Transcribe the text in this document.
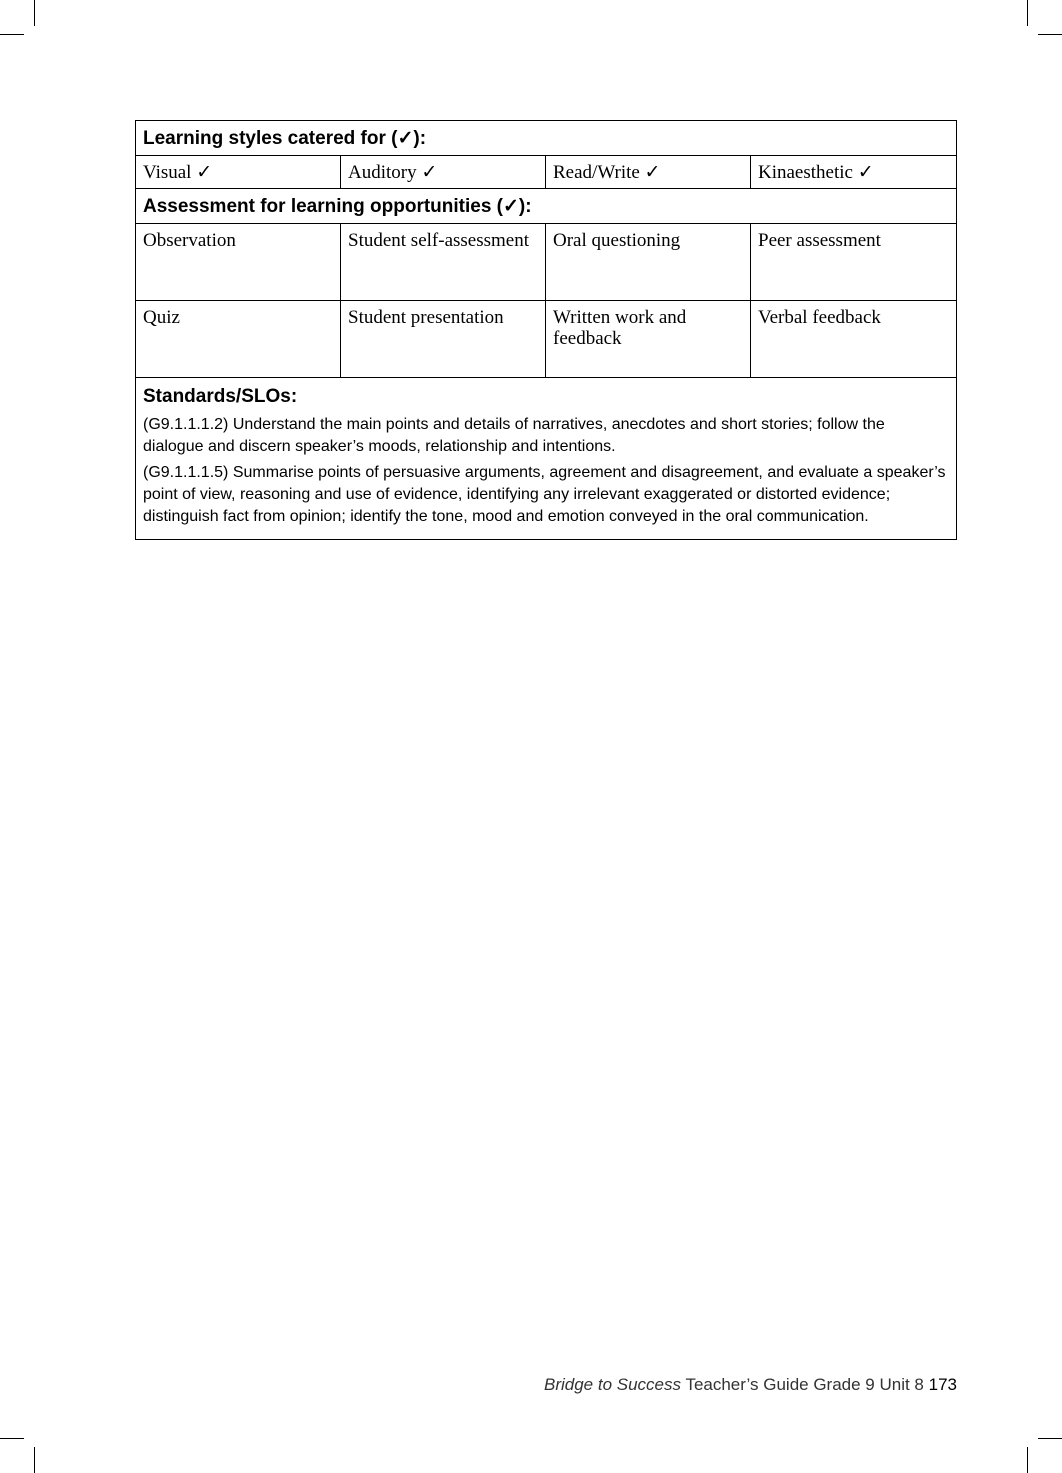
Learning styles catered for (✓):			
Visual ✓	Auditory ✓	Read/Write ✓	Kinaesthetic ✓
Assessment for learning opportunities (✓):			
Observation	Student self-assessment	Oral questioning	Peer assessment
Quiz	Student presentation	Written work and feedback	Verbal feedback

Standards/SLOs:
(G9.1.1.1.2) Understand the main points and details of narratives, anecdotes and short stories; follow the dialogue and discern speaker’s moods, relationship and intentions.
(G9.1.1.1.5) Summarise points of persuasive arguments, agreement and disagreement, and evaluate a speaker’s point of view, reasoning and use of evidence, identifying any irrelevant exaggerated or distorted evidence; distinguish fact from opinion; identify the tone, mood and emotion conveyed in the oral communication.			
Bridge to Success Teacher’s Guide Grade 9 Unit 8 173
